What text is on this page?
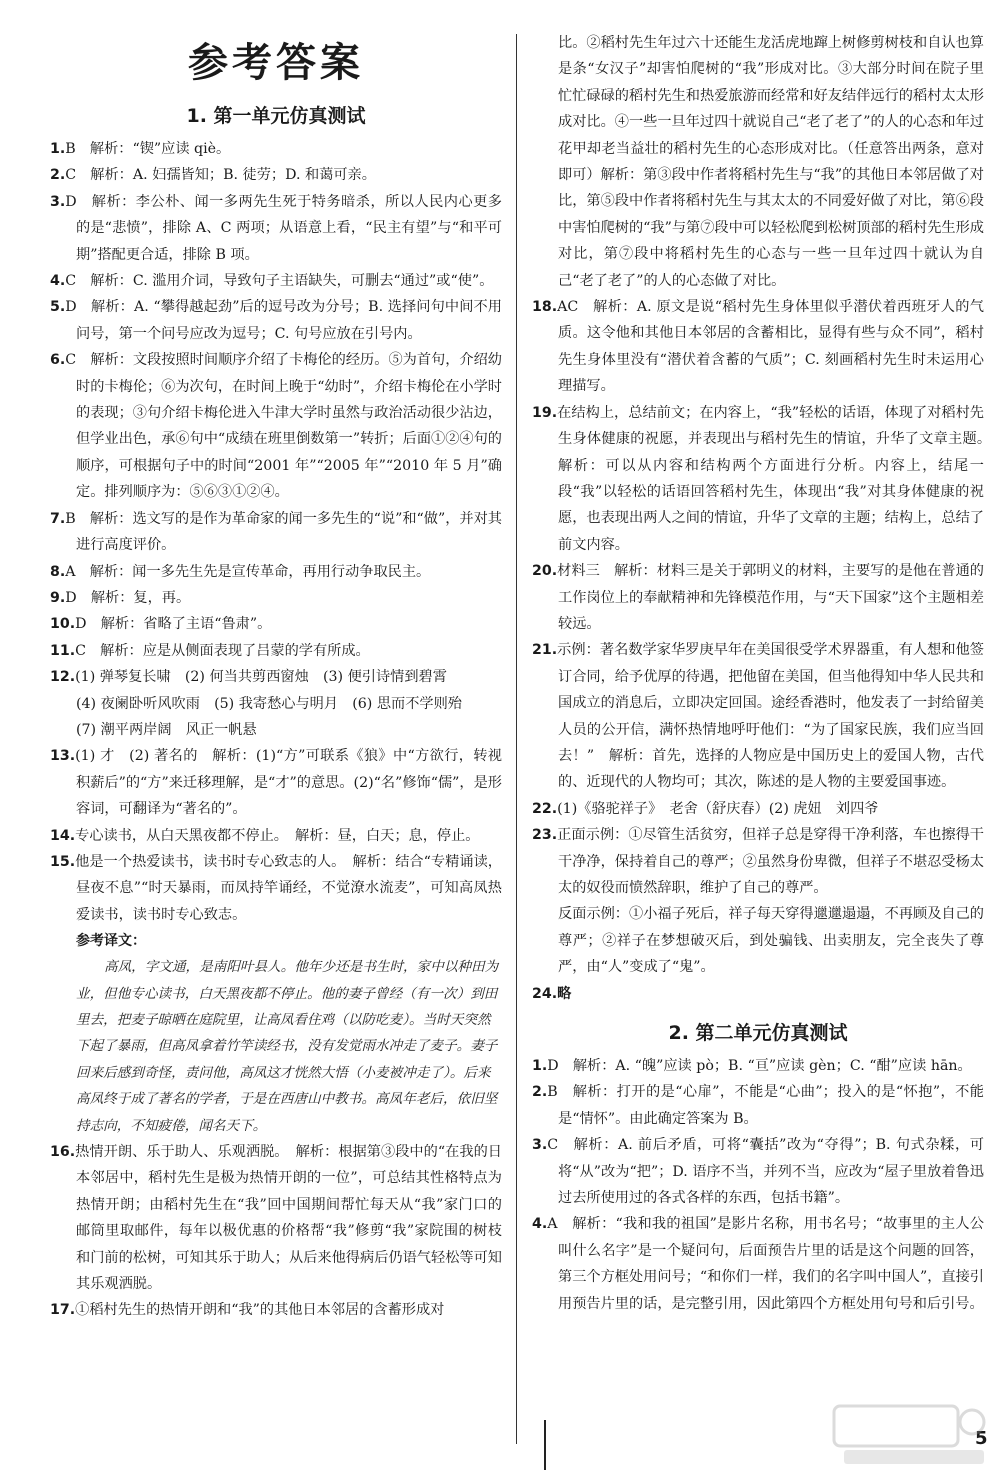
参考答案
1. 第一单元仿真测试

1.B　解析：“锲”应读 qiè。

2.C　解析：A. 妇孺皆知；B. 徒劳；D. 和蔼可亲。

3.D　解析：李公朴、闻一多两先生死于特务暗杀，所以人民内心更多的是“悲愤”，排除 A、C 两项；从语意上看，“民主有望”与“和平可期”搭配更合适，排除 B 项。

4.C　解析：C. 滥用介词，导致句子主语缺失，可删去“通过”或“使”。

5.D　解析：A. “攀得越起劲”后的逗号改为分号；B. 选择问句中间不用问号，第一个问号应改为逗号；C. 句号应放在引号内。

6.C　解析：文段按照时间顺序介绍了卡梅伦的经历。⑤为首句，介绍幼时的卡梅伦；⑥为次句，在时间上晚于“幼时”，介绍卡梅伦在小学时的表现；③句介绍卡梅伦进入牛津大学时虽然与政治活动很少沾边，但学业出色，承⑥句中“成绩在班里倒数第一”转折；后面①②④句的顺序，可根据句子中的时间“2001 年”“2005 年”“2010 年 5 月”确定。排列顺序为：⑤⑥③①②④。

7.B　解析：选文写的是作为革命家的闻一多先生的“说”和“做”，并对其进行高度评价。

8.A　解析：闻一多先生先是宣传革命，再用行动争取民主。

9.D　解析：复，再。

10.D　解析：省略了主语“鲁肃”。

11.C　解析：应是从侧面表现了吕蒙的学有所成。

12.(1) 弹琴复长啸　(2) 何当共剪西窗烛　(3) 便引诗情到碧霄

(4) 夜阑卧听风吹雨　(5) 我寄愁心与明月　(6) 思而不学则殆

(7) 潮平两岸阔　风正一帆悬

13.(1) 才　(2) 著名的　解析：(1)“方”可联系《狼》中“方欲行，转视积薪后”的“方”来迁移理解，是“才”的意思。(2)“名”修饰“儒”，是形容词，可翻译为“著名的”。

14.专心读书，从白天黑夜都不停止。　解析：昼，白天；息，停止。

15.他是一个热爱读书，读书时专心致志的人。　解析：结合“专精诵读，昼夜不息”“时天暴雨，而凤持竿诵经，不觉潦水流麦”，可知高凤热爱读书，读书时专心致志。

参考译文：

高凤，字文通，是南阳叶县人。他年少还是书生时，家中以种田为业，但他专心读书，白天黑夜都不停止。他的妻子曾经（有一次）到田里去，把麦子晾晒在庭院里，让高凤看住鸡（以防吃麦）。当时天突然下起了暴雨，但高凤拿着竹竿读经书，没有发觉雨水冲走了麦子。妻子回来后感到奇怪，责问他，高凤这才恍然大悟（小麦被冲走了）。后来高凤终于成了著名的学者，于是在西唐山中教书。高凤年老后，依旧坚持志向，不知疲倦，闻名天下。

16.热情开朗、乐于助人、乐观洒脱。　解析：根据第③段中的“在我的日本邻居中，稻村先生是极为热情开朗的一位”，可总结其性格特点为热情开朗；由稻村先生在“我”回中国期间帮忙每天从“我”家门口的邮筒里取邮件，每年以极优惠的价格帮“我”修剪“我”家院围的树枝和门前的松树，可知其乐于助人；从后来他得病后仍语气轻松等可知其乐观洒脱。

17.①稻村先生的热情开朗和“我”的其他日本邻居的含蓄形成对

比。②稻村先生年过六十还能生龙活虎地蹿上树修剪树枝和自认也算是条“女汉子”却害怕爬树的“我”形成对比。③大部分时间在院子里忙忙碌碌的稻村先生和热爱旅游而经常和好友结伴远行的稻村太太形成对比。④一些一旦年过四十就说自己“老了老了”的人的心态和年过花甲却老当益壮的稻村先生的心态形成对比。（任意答出两条，意对即可）解析：第③段中作者将稻村先生与“我”的其他日本邻居做了对比，第⑤段中作者将稻村先生与其太太的不同爱好做了对比，第⑥段中害怕爬树的“我”与第⑦段中可以轻松爬到松树顶部的稻村先生形成对比，第⑦段中将稻村先生的心态与一些一旦年过四十就认为自己“老了老了”的人的心态做了对比。

18.AC　解析：A. 原文是说“稻村先生身体里似乎潜伏着西班牙人的气质。这令他和其他日本邻居的含蓄相比，显得有些与众不同”，稻村先生身体里没有“潜伏着含蓄的气质”；C. 刻画稻村先生时未运用心理描写。

19.在结构上，总结前文；在内容上，“我”轻松的话语，体现了对稻村先生身体健康的祝愿，并表现出与稻村先生的情谊，升华了文章主题。　解析：可以从内容和结构两个方面进行分析。内容上，结尾一段“我”以轻松的话语回答稻村先生，体现出“我”对其身体健康的祝愿，也表现出两人之间的情谊，升华了文章的主题；结构上，总结了前文内容。

20.材料三　解析：材料三是关于郭明义的材料，主要写的是他在普通的工作岗位上的奉献精神和先锋模范作用，与“天下国家”这个主题相差较远。

21.示例：著名数学家华罗庚早年在美国很受学术界器重，有人想和他签订合同，给予优厚的待遇，把他留在美国，但当他得知中华人民共和国成立的消息后，立即决定回国。途经香港时，他发表了一封给留美人员的公开信，满怀热情地呼吁他们：“为了国家民族，我们应当回去！”　解析：首先，选择的人物应是中国历史上的爱国人物，古代的、近现代的人物均可；其次，陈述的是人物的主要爱国事迹。

22.(1)《骆驼祥子》　老舍（舒庆春）(2) 虎妞　刘四爷

23.正面示例：①尽管生活贫穷，但祥子总是穿得干净利落，车也擦得干干净净，保持着自己的尊严；②虽然身份卑微，但祥子不堪忍受杨太太的奴役而愤然辞职，维护了自己的尊严。

反面示例：①小福子死后，祥子每天穿得邋邋遢遢，不再顾及自己的尊严；②祥子在梦想破灭后，到处骗钱、出卖朋友，完全丧失了尊严，由“人”变成了“鬼”。

24.略

2. 第二单元仿真测试

1.D　解析：A. “魄”应读 pò；B. “亘”应读 gèn；C. “酣”应读 hān。

2.B　解析：打开的是“心扉”，不能是“心曲”；投入的是“怀抱”，不能是“情怀”。由此确定答案为 B。

3.C　解析：A. 前后矛盾，可将“囊括”改为“夺得”；B. 句式杂糅，可将“从”改为“把”；D. 语序不当，并列不当，应改为“屋子里放着鲁迅过去所使用过的各式各样的东西，包括书籍”。

4.A　解析：“我和我的祖国”是影片名称，用书名号；“故事里的主人公叫什么名字”是一个疑问句，后面预告片里的话是这个问题的回答，第三个方框处用问号；“和你们一样，我们的名字叫中国人”，直接引用预告片里的话，是完整引用，因此第四个方框处用句号和后引号。

5
